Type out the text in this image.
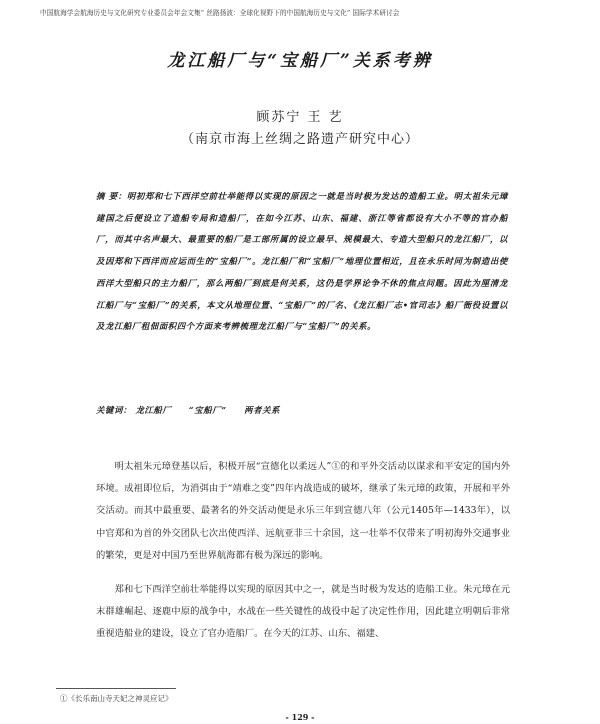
中国航海学会航海历史与文化研究专业委员会年会文集“ 丝路扬波：全球化视野下的中国航海历史与文化” 国际学术研讨会
龙江船厂与“宝船厂”关系考辨
顾苏宁 王 艺
（南京市海上丝绸之路遗产研究中心）
摘 要：明初郑和七下西洋空前壮举能得以实现的原因之一就是当时极为发达的造船工业。明太祖朱元璋建国之后便设立了造船专局和造船厂，在如今江苏、山东、福建、浙江等省都设有大小不等的官办船厂，而其中名声最大、最重要的船厂是工部所属的设立最早、规模最大、专造大型船只的龙江船厂，以及因郑和下西洋而应运而生的“宝船厂”。龙江船厂和“宝船厂”地理位置相近，且在永乐时同为制造出使西洋大型船只的主力船厂，那么两船厂到底是何关系，这仍是学界论争不休的焦点问题。因此为厘清龙江船厂与“宝船厂”的关系，本文从地理位置、“宝船厂”的厂名、《龙江船厂志•官司志》船厂衙役设置以及龙江船厂租佃面积四个方面来考辨梳理龙江船厂与“宝船厂”的关系。
关键词： 龙江船厂 “宝船厂” 两者关系

明太祖朱元璋登基以后，积极开展“宣德化以柔远人”①的和平外交活动以谋求和平安定的国内外环境。成祖即位后，为消弭由于“靖难之变”四年内战造成的破坏，继承了朱元璋的政策，开展和平外交活动。而其中最重要、最著名的外交活动便是永乐三年到宣德八年（公元1405年—1433年），以中官郑和为首的外交团队七次出使西洋、远航亚非三十余国，这一壮举不仅带来了明初海外交通事业的繁荣，更是对中国乃至世界航海都有极为深远的影响。

郑和七下西洋空前壮举能得以实现的原因其中之一，就是当时极为发达的造船工业。朱元璋在元末群雄崛起、逐鹿中原的战争中，水战在一些关键性的战役中起了决定性作用，因此建立明朝后非常重视造船业的建设，设立了官办造船厂。在今天的江苏、山东、福建、

①《长乐南山寺天妃之神灵应记》
- 129 -
